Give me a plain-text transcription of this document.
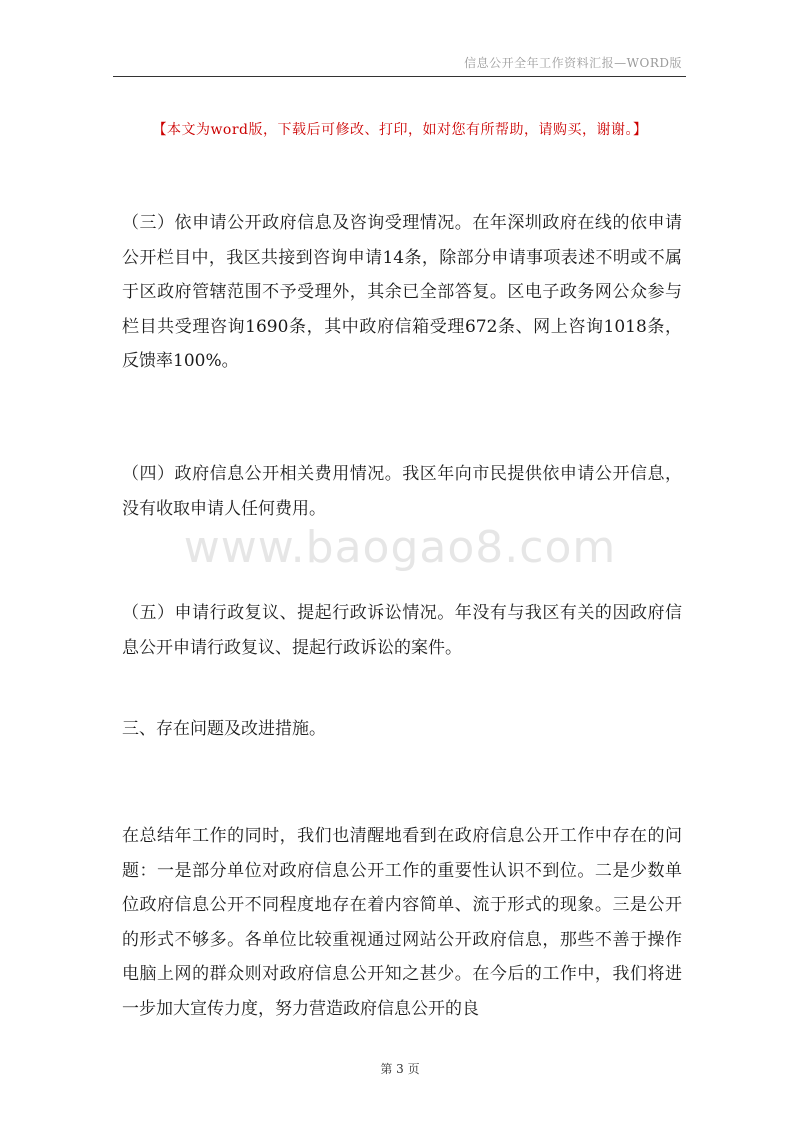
信息公开全年工作资料汇报—WORD版
【本文为word版，下载后可修改、打印，如对您有所帮助，请购买，谢谢。】

（三）依申请公开政府信息及咨询受理情况。在年深圳政府在线的依申请公开栏目中，我区共接到咨询申请14条，除部分申请事项表述不明或不属于区政府管辖范围不予受理外，其余已全部答复。区电子政务网公众参与栏目共受理咨询1690条，其中政府信箱受理672条、网上咨询1018条，反馈率100%。

（四）政府信息公开相关费用情况。我区年向市民提供依申请公开信息，没有收取申请人任何费用。

（五）申请行政复议、提起行政诉讼情况。年没有与我区有关的因政府信息公开申请行政复议、提起行政诉讼的案件。

三、存在问题及改进措施。

在总结年工作的同时，我们也清醒地看到在政府信息公开工作中存在的问题：一是部分单位对政府信息公开工作的重要性认识不到位。二是少数单位政府信息公开不同程度地存在着内容简单、流于形式的现象。三是公开的形式不够多。各单位比较重视通过网站公开政府信息，那些不善于操作电脑上网的群众则对政府信息公开知之甚少。在今后的工作中，我们将进一步加大宣传力度，努力营造政府信息公开的良

www.baogao8.com
第 3 页
